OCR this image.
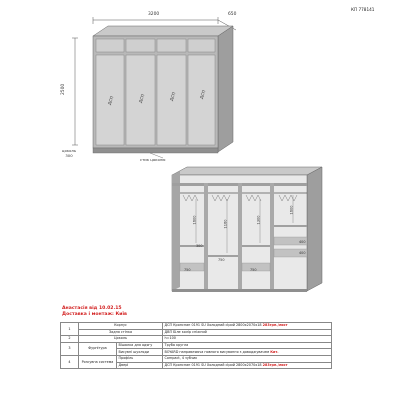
КП 778141
3200	650
2500
цоколь 300
ДСП	ДСП	ДСП	ДСП
стик цоколю
1600	1160	1300
1600
750
750
750
300
400
400
Анастасія від 10.02.15
Доставка і монтаж: Київ
1	Корпус		ДСП Кронспан 0191 SU Холодний сірий 2800х2070х18 283грн./лист
	Задня стінка		ДВП Біле колір сніжний
2	Цоколь		h=100
3	Фурнітура	Вішалка для одягу	Труба кругла
		Висувні шухляди	BOYARD направляюча повного висування з доводжувачем Кит.
4	Розсувна система	Профіль	Compact, 4 зубчик
		Двері	ДСП Кронспан 0191 SU Холодний сірий 2800х2070х18 283грн./лист
